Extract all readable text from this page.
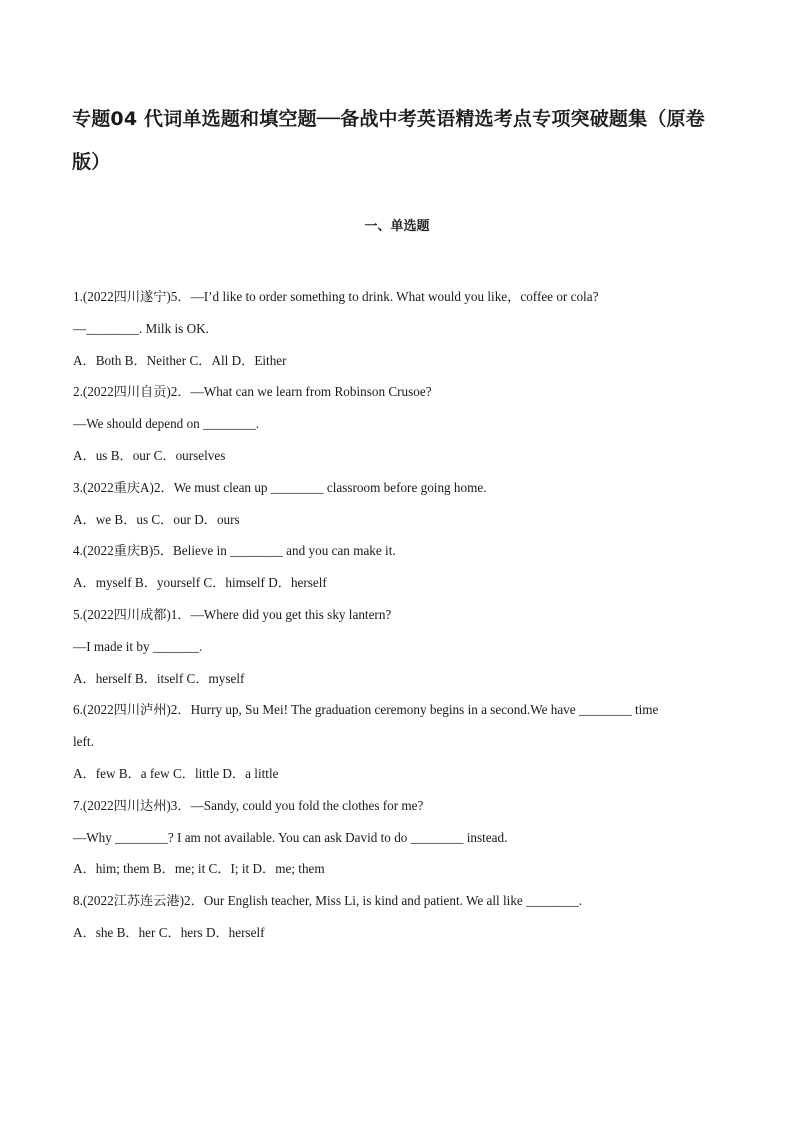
专题04 代词单选题和填空题──备战中考英语精选考点专项突破题集（原卷版）
一、单选题
1.(2022四川遂宁)5．—I’d like to order something to drink. What would you like，coffee or cola?
—________. Milk is OK.
A．Both B．Neither C．All D．Either
2.(2022四川自贡)2．—What can we learn from Robinson Crusoe?
—We should depend on ________.
A．us B．our C．ourselves
3.(2022重庆A)2．We must clean up ________ classroom before going home.
A．we B．us C．our D．ours
4.(2022重庆B)5．Believe in ________ and you can make it.
A．myself B．yourself C．himself D．herself
5.(2022四川成都)1．—Where did you get this sky lantern?
—I made it by _______.
A．herself B．itself C．myself
6.(2022四川泸州)2．Hurry up, Su Mei! The graduation ceremony begins in a second.We have ________ time
left.
A．few B．a few C．little D．a little
7.(2022四川达州)3．—Sandy, could you fold the clothes for me?
—Why ________? I am not available. You can ask David to do ________ instead.
A．him; them B．me; it C．I; it D．me; them
8.(2022江苏连云港)2．Our English teacher, Miss Li, is kind and patient. We all like ________.
A．she B．her C．hers D．herself
